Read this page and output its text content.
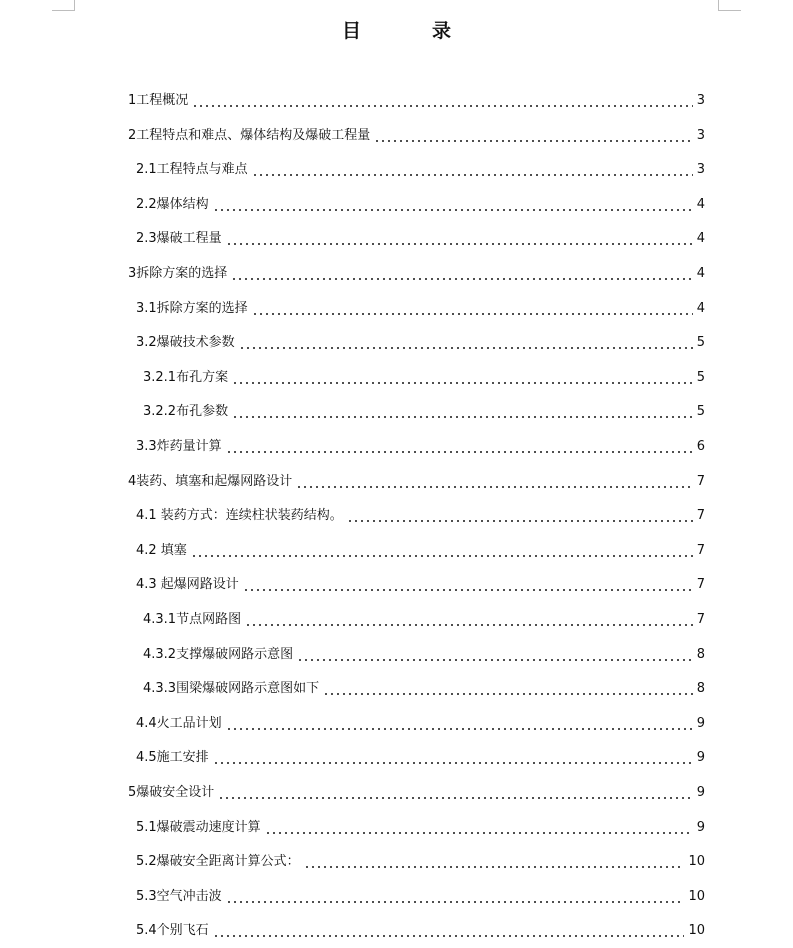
目　录
1工程概况	3
2工程特点和难点、爆体结构及爆破工程量	3
2.1工程特点与难点	3
2.2爆体结构	4
2.3爆破工程量	4
3拆除方案的选择	4
3.1拆除方案的选择	4
3.2爆破技术参数	5
3.2.1布孔方案	5
3.2.2布孔参数	5
3.3炸药量计算	6
4装药、填塞和起爆网路设计	7
4.1 装药方式：连续柱状装药结构。	7
4.2 填塞	7
4.3 起爆网路设计	7
4.3.1节点网路图	7
4.3.2支撑爆破网路示意图	8
4.3.3围梁爆破网路示意图如下	8
4.4火工品计划	9
4.5施工安排	9
5爆破安全设计	9
5.1爆破震动速度计算	9
5.2爆破安全距离计算公式：	10
5.3空气冲击波	10
5.4个别飞石	10
